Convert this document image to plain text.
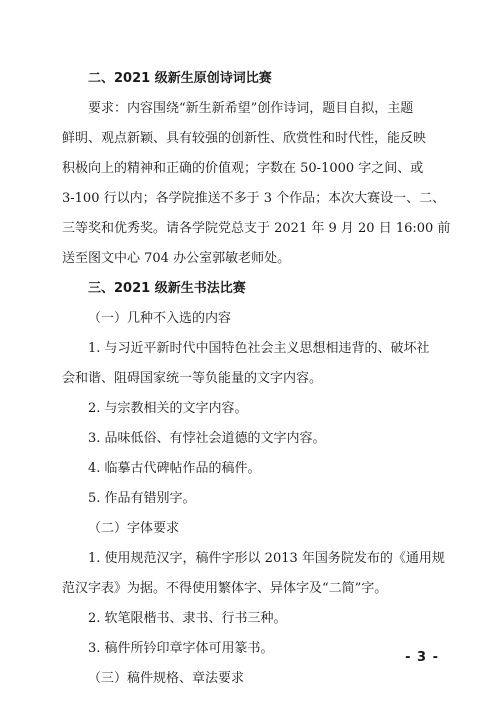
二、2021 级新生原创诗词比赛
要求：内容围绕“新生新希望”创作诗词，题目自拟，主题
鲜明、观点新颖、具有较强的创新性、欣赏性和时代性，能反映
积极向上的精神和正确的价值观；字数在 50-1000 字之间、或
3-100 行以内；各学院推送不多于 3 个作品；本次大赛设一、二、
三等奖和优秀奖。请各学院党总支于 2021 年 9 月 20 日 16:00 前
送至图文中心 704 办公室郭敏老师处。
三、2021 级新生书法比赛
（一）几种不入选的内容
1. 与习近平新时代中国特色社会主义思想相违背的、破坏社
会和谐、阻碍国家统一等负能量的文字内容。
2. 与宗教相关的文字内容。
3. 品味低俗、有悖社会道德的文字内容。
4. 临摹古代碑帖作品的稿件。
5. 作品有错别字。
（二）字体要求
1. 使用规范汉字，稿件字形以 2013 年国务院发布的《通用规
范汉字表》为据。不得使用繁体字、异体字及“二简”字。
2. 软笔限楷书、隶书、行书三种。
3. 稿件所钤印章字体可用篆书。
（三）稿件规格、章法要求
- 3 -
